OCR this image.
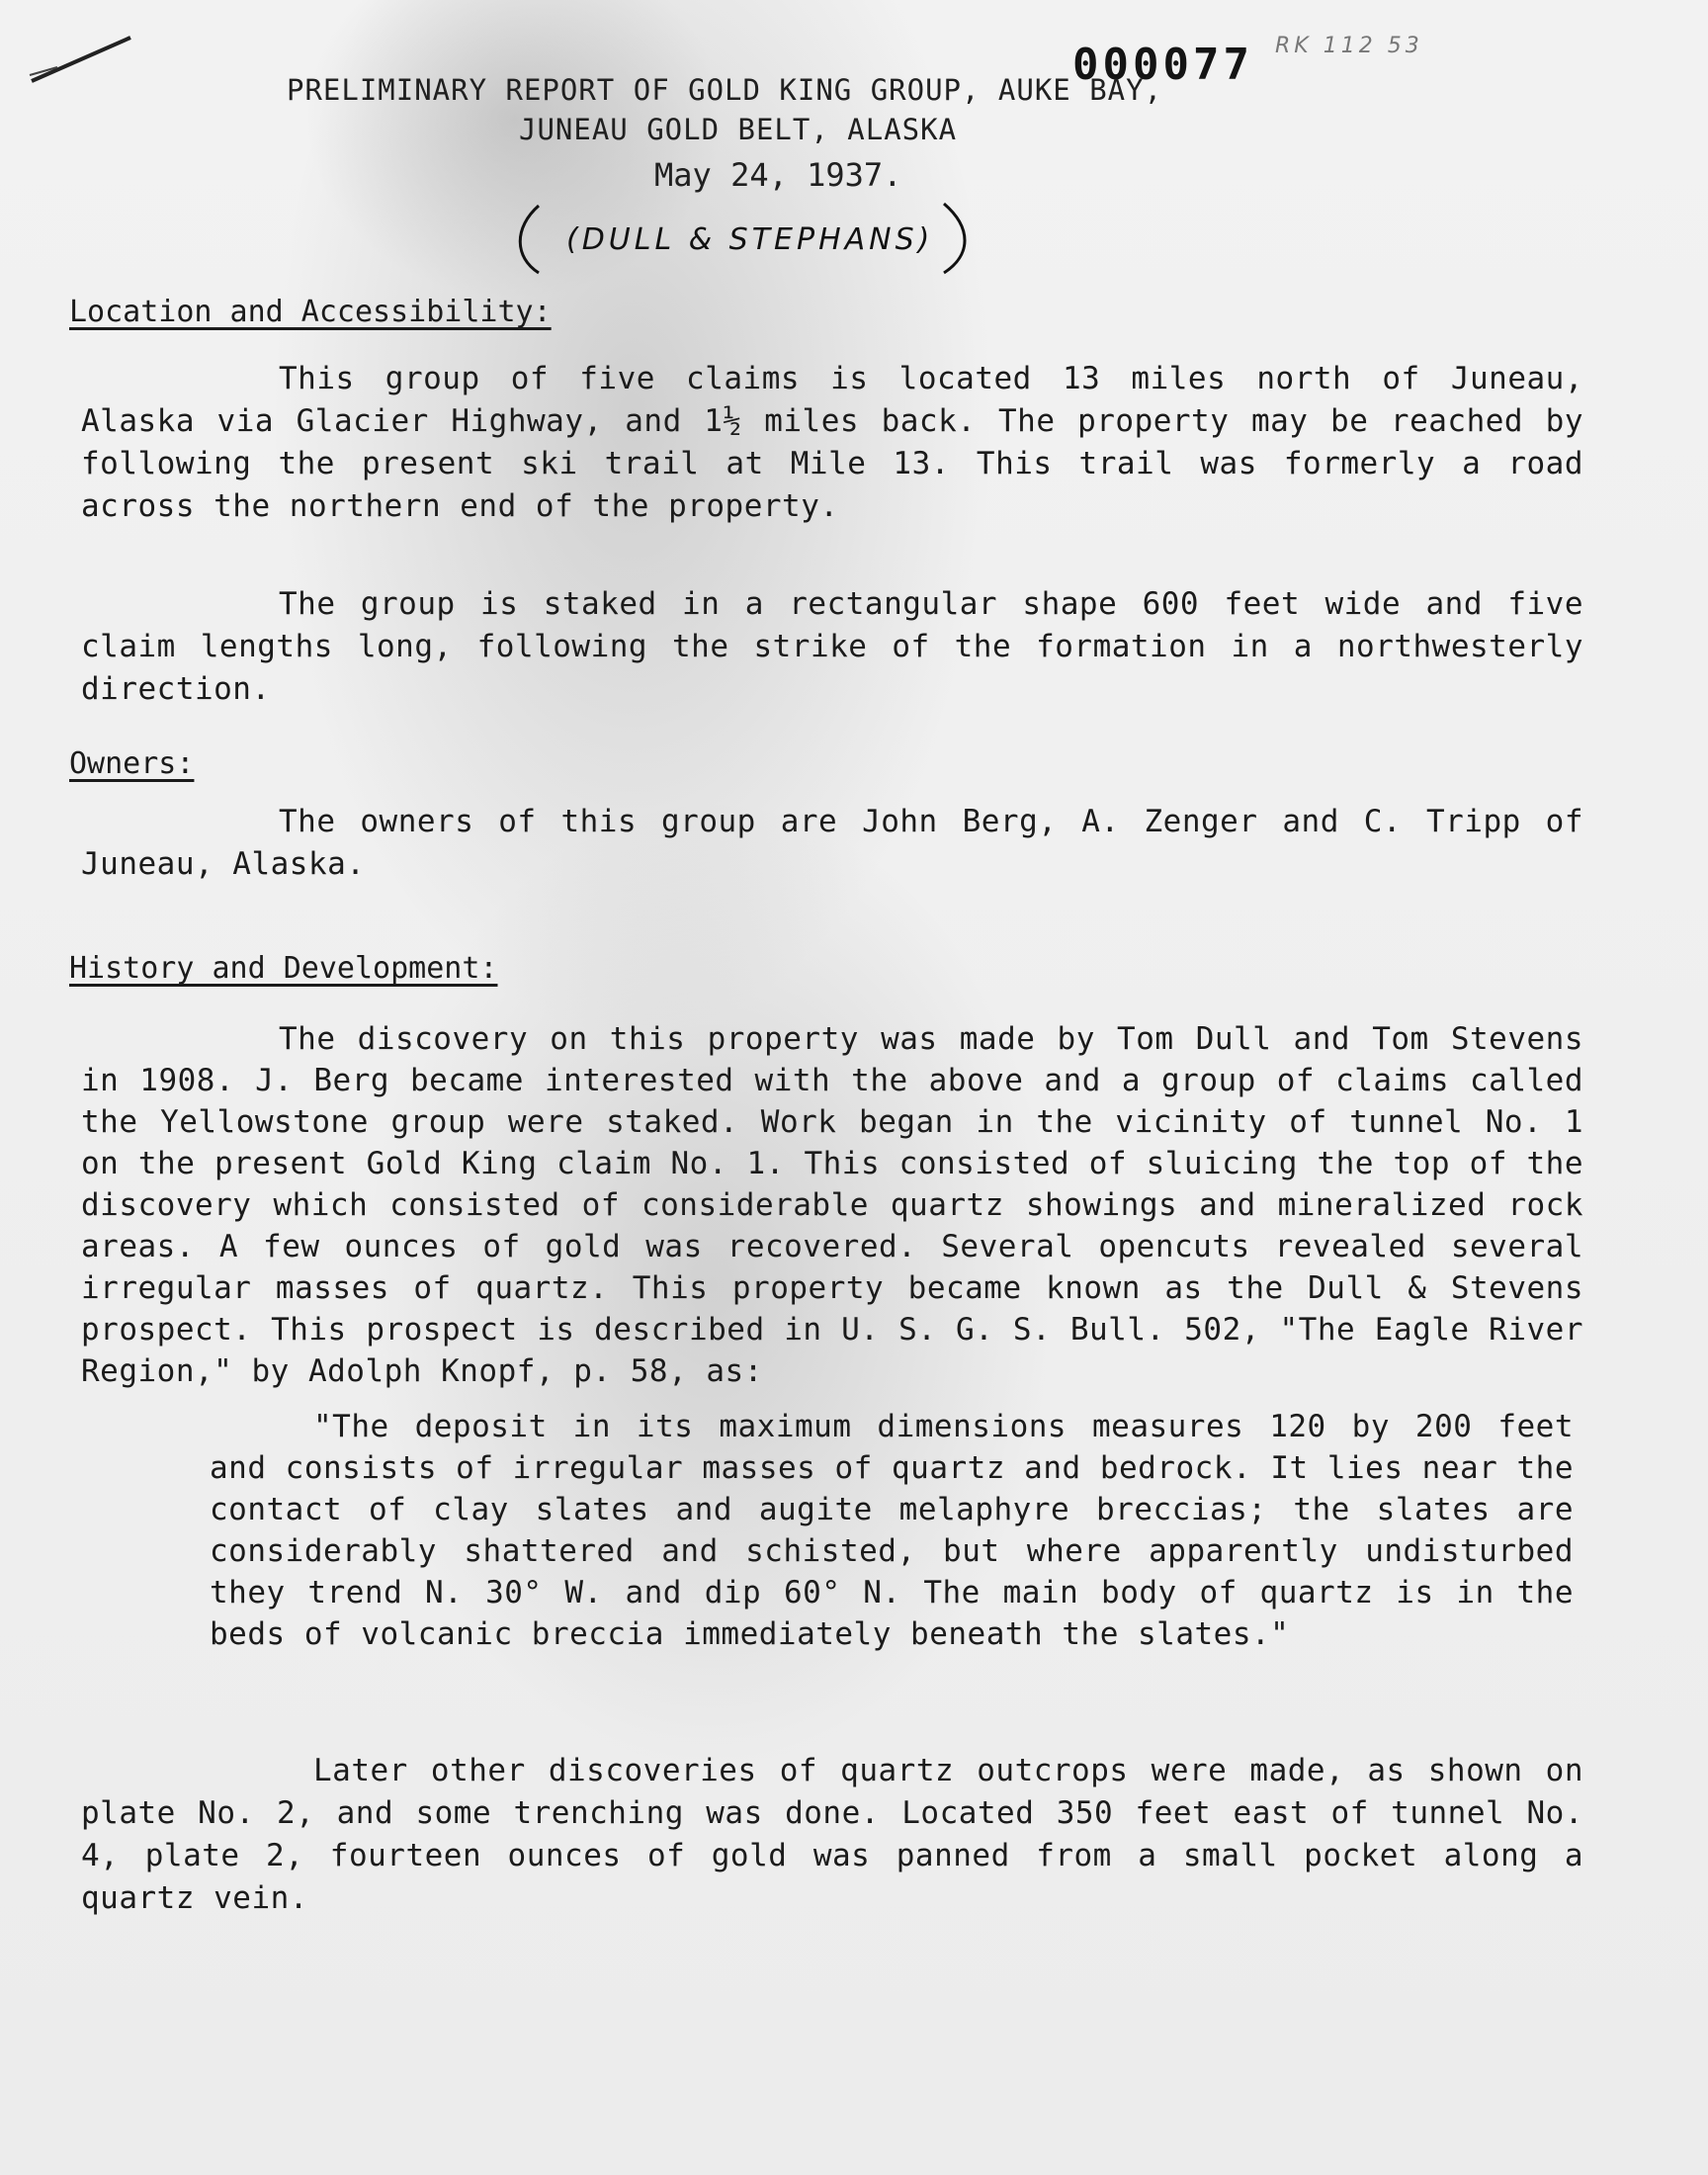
000077 RK 112 53
PRELIMINARY REPORT OF GOLD KING GROUP, AUKE BAY,
JUNEAU GOLD BELT, ALASKA
May 24, 1937.
(DULL & STEPHANS)
Location and Accessibility:

This group of five claims is located 13 miles north of Juneau, Alaska via Glacier Highway, and 1½ miles back. The property may be reached by following the present ski trail at Mile 13. This trail was formerly a road across the northern end of the property.

The group is staked in a rectangular shape 600 feet wide and five claim lengths long, following the strike of the formation in a northwesterly direction.

Owners:

The owners of this group are John Berg, A. Zenger and C. Tripp of Juneau, Alaska.

History and Development:

The discovery on this property was made by Tom Dull and Tom Stevens in 1908. J. Berg became interested with the above and a group of claims called the Yellowstone group were staked. Work began in the vicinity of tunnel No. 1 on the present Gold King claim No. 1. This consisted of sluicing the top of the discovery which consisted of considerable quartz showings and mineralized rock areas. A few ounces of gold was recovered. Several opencuts revealed several irregular masses of quartz. This property became known as the Dull & Stevens prospect. This prospect is described in U. S. G. S. Bull. 502, "The Eagle River Region," by Adolph Knopf, p. 58, as:

"The deposit in its maximum dimensions measures 120 by 200 feet and consists of irregular masses of quartz and bedrock. It lies near the contact of clay slates and augite melaphyre breccias; the slates are considerably shattered and schisted, but where apparently undisturbed they trend N. 30° W. and dip 60° N. The main body of quartz is in the beds of volcanic breccia immediately beneath the slates."

Later other discoveries of quartz outcrops were made, as shown on plate No. 2, and some trenching was done. Located 350 feet east of tunnel No. 4, plate 2, fourteen ounces of gold was panned from a small pocket along a quartz vein.
